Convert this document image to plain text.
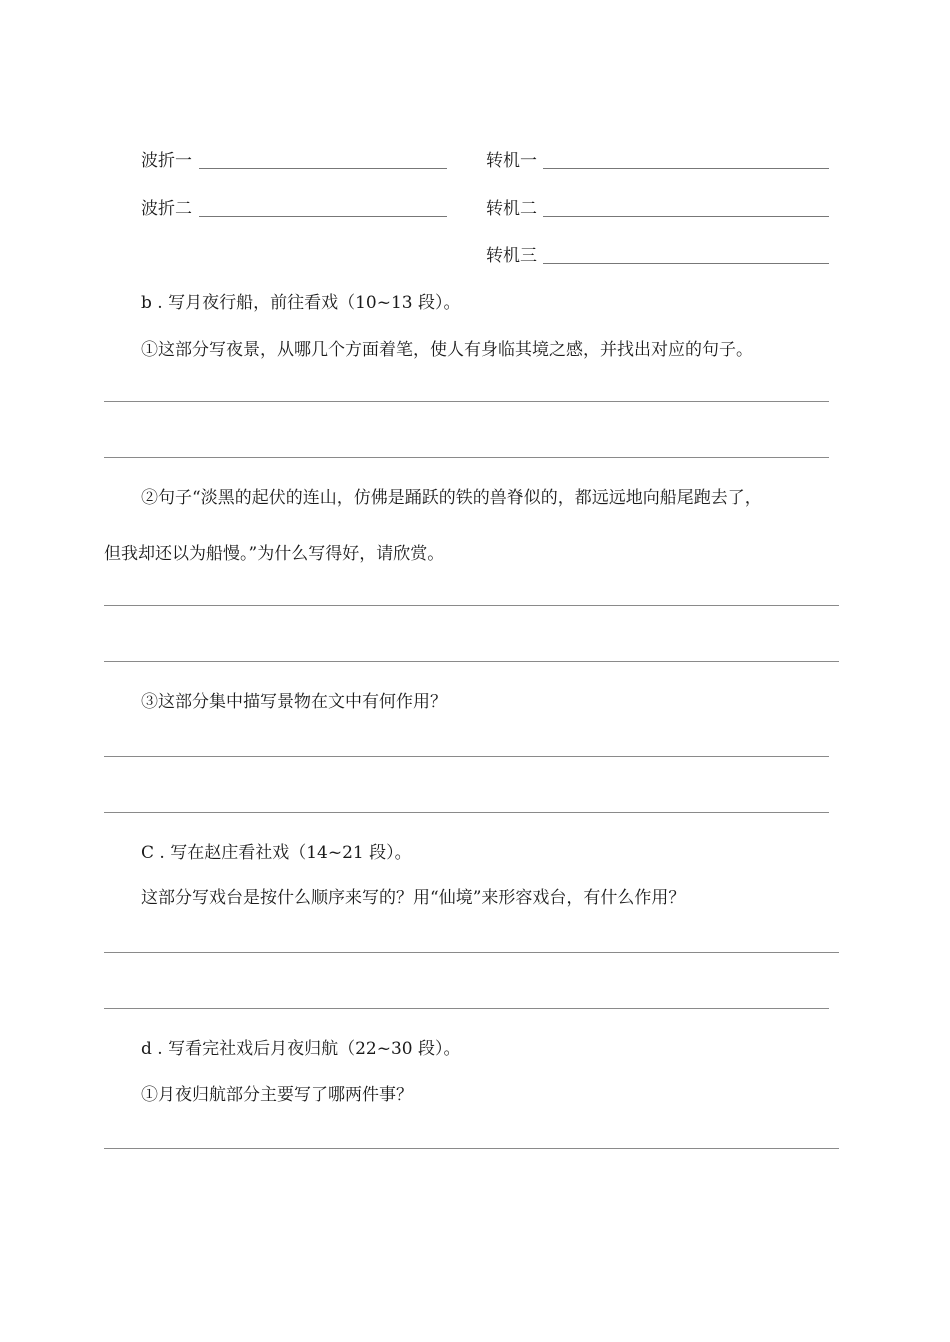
波折一	转机一
波折二	转机二
转机三
b . 写月夜行船，前往看戏（10~13 段）。
①这部分写夜景，从哪几个方面着笔，使人有身临其境之感，并找出对应的句子。
②句子“淡黑的起伏的连山，仿佛是踊跃的铁的兽脊似的，都远远地向船尾跑去了，
但我却还以为船慢。”为什么写得好，请欣赏。
③这部分集中描写景物在文中有何作用？
C . 写在赵庄看社戏（14~21 段）。
这部分写戏台是按什么顺序来写的？用“仙境”来形容戏台，有什么作用？
d . 写看完社戏后月夜归航（22~30 段）。
①月夜归航部分主要写了哪两件事？
